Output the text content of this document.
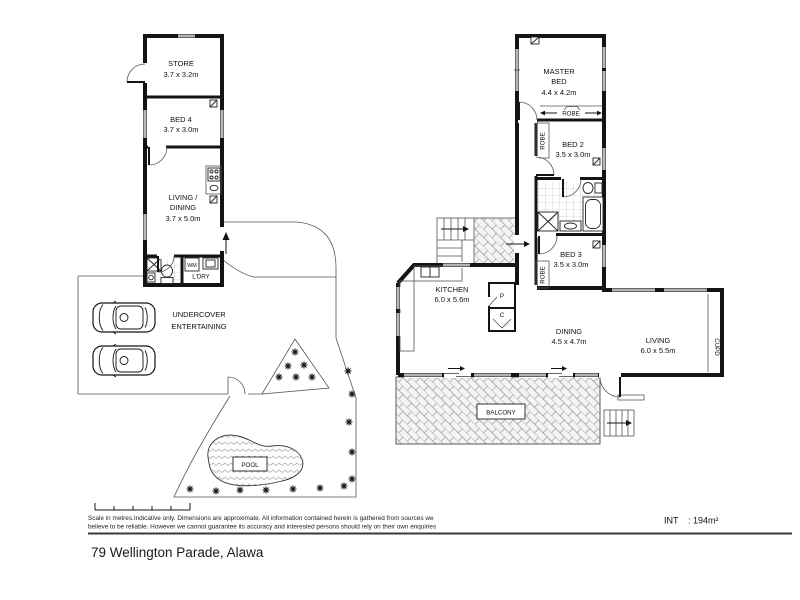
POOL
UNDERCOVER
ENTERTAINING
WM
STORE
3.7 x 3.2m
BED 4
3.7 x 3.0m
LIVING /
DINING
3.7 x 5.0m
L'DRY
BALCONY
ROBE
ROBE
ROBE
CUPD
P
C
MASTER
BED
4.4 x 4.2m
BED 2
3.5 x 3.0m
BED 3
3.5 x 3.0m
KITCHEN
6.0 x 5.6m
DINING
4.5 x 4.7m	LIVING
6.0 x 5.5m
Scale in metres.Indicative only. Dimensions are approximate. All information contained herein is gathered from sources we
believe to be reliable. However we cannot guarantee its accuracy and interested persons should rely on their own enquiries
INT : 194m²
79 Wellington Parade, Alawa
